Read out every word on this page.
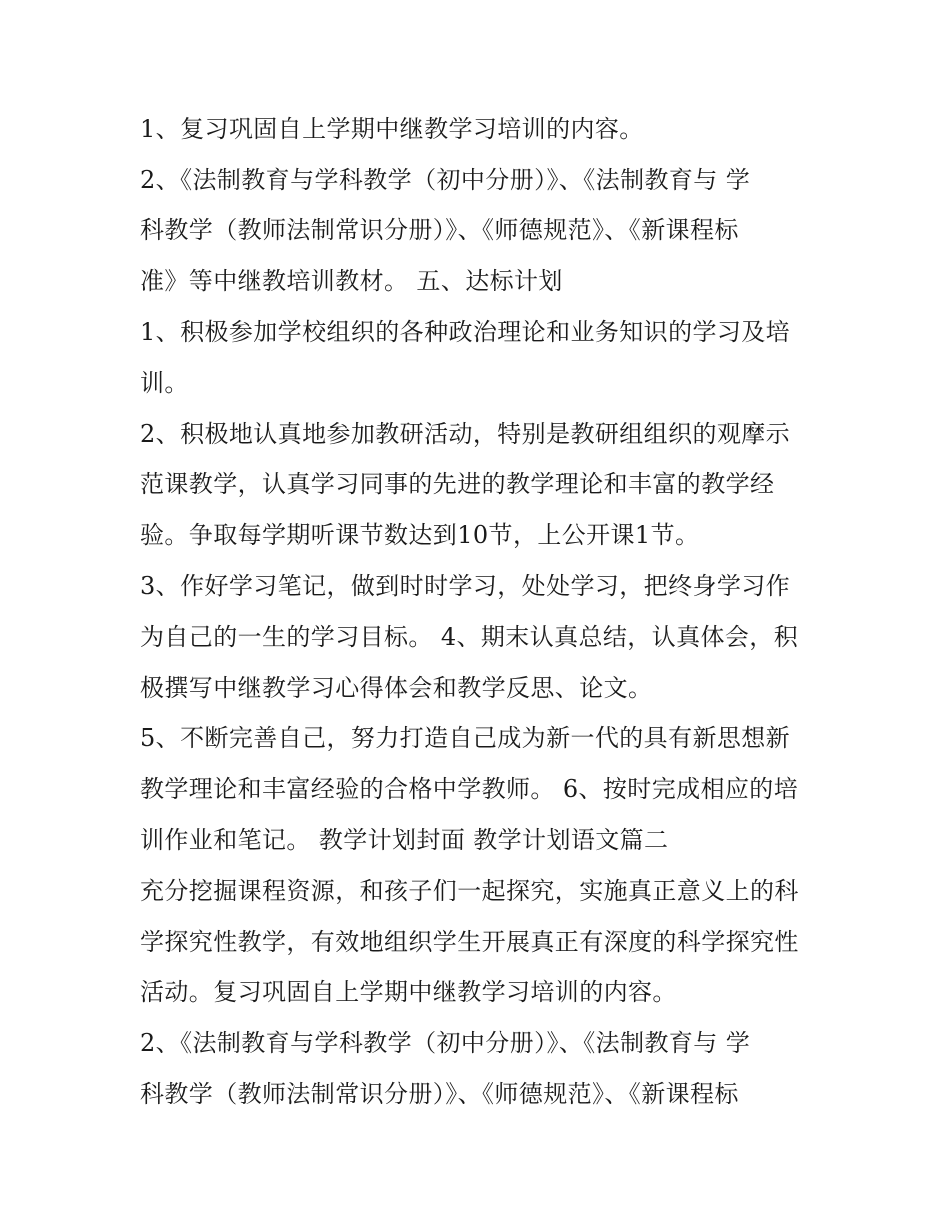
1、复习巩固自上学期中继教学习培训的内容。

2、《法制教育与学科教学（初中分册）》、《法制教育与 学

科教学（教师法制常识分册）》、《师德规范》、《新课程标

准》等中继教培训教材。 五、达标计划

1、积极参加学校组织的各种政治理论和业务知识的学习及培

训。

2、积极地认真地参加教研活动，特别是教研组组织的观摩示

范课教学，认真学习同事的先进的教学理论和丰富的教学经

验。争取每学期听课节数达到10节，上公开课1节。

3、作好学习笔记，做到时时学习，处处学习，把终身学习作

为自己的一生的学习目标。 4、期末认真总结，认真体会，积

极撰写中继教学习心得体会和教学反思、论文。

5、不断完善自己，努力打造自己成为新一代的具有新思想新

教学理论和丰富经验的合格中学教师。 6、按时完成相应的培

训作业和笔记。 教学计划封面 教学计划语文篇二

充分挖掘课程资源，和孩子们一起探究，实施真正意义上的科

学探究性教学，有效地组织学生开展真正有深度的科学探究性

活动。复习巩固自上学期中继教学习培训的内容。

2、《法制教育与学科教学（初中分册）》、《法制教育与 学

科教学（教师法制常识分册）》、《师德规范》、《新课程标
